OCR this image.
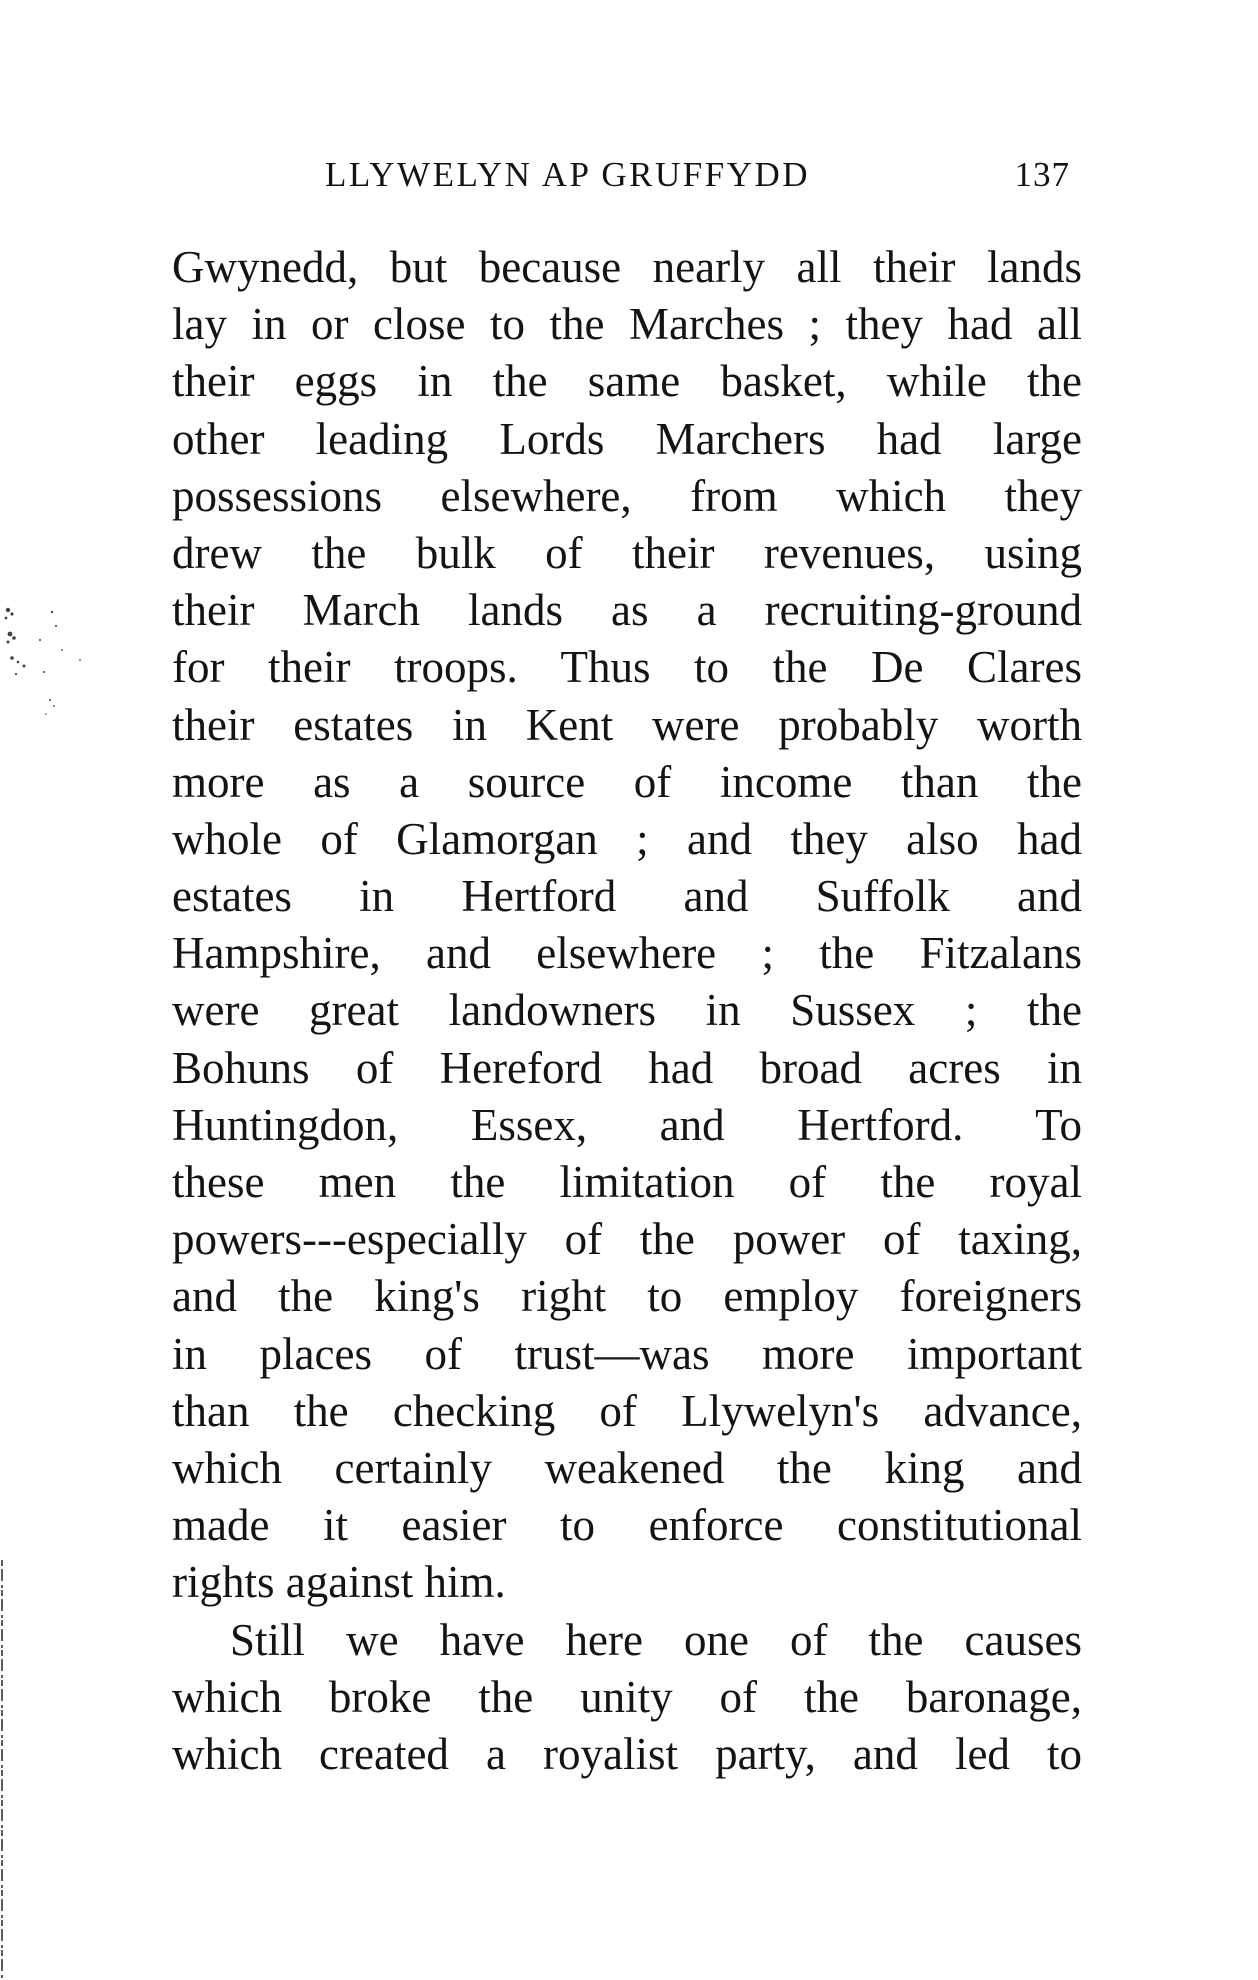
LLYWELYN AP GRUFFYDD	137
Gwynedd, but because nearly all their lands
lay in or close to the Marches ; they had all
their eggs in the same basket, while the
other leading Lords Marchers had large
possessions elsewhere, from which they
drew the bulk of their revenues, using
their March lands as a recruiting-ground
for their troops. Thus to the De Clares
their estates in Kent were probably worth
more as a source of income than the
whole of Glamorgan ; and they also had
estates in Hertford and Suffolk and
Hampshire, and elsewhere ; the Fitzalans
were great landowners in Sussex ; the
Bohuns of Hereford had broad acres in
Huntingdon, Essex, and Hertford. To
these men the limitation of the royal
powers---especially of the power of taxing,
and the king's right to employ foreigners
in places of trust—was more important
than the checking of Llywelyn's advance,
which certainly weakened the king and
made it easier to enforce constitutional
rights against him.
Still we have here one of the causes
which broke the unity of the baronage,
which created a royalist party, and led to
